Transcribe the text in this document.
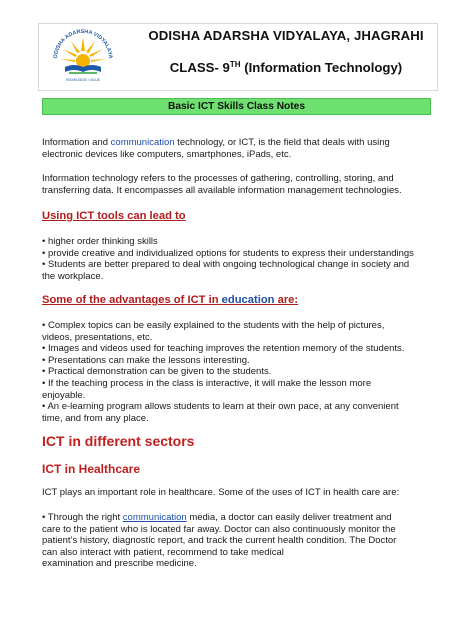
ODISHA ADARSHA VIDYALAYA
KNOWLEDGE • VALUE
ODISHA ADARSHA VIDYALAYA, JHAGRAHI
CLASS- 9TH (Information Technology)
Basic ICT Skills Class Notes
Information and communication technology, or ICT, is the field that deals with using
electronic devices like computers, smartphones, iPads, etc.
Information technology refers to the processes of gathering, controlling, storing, and
transferring data. It encompasses all available information management technologies.
Using ICT tools can lead to
• higher order thinking skills
• provide creative and individualized options for students to express their understandings
• Students are better prepared to deal with ongoing technological change in society and
the workplace.
Some of the advantages of ICT in education are:
• Complex topics can be easily explained to the students with the help of pictures,
videos, presentations, etc.
• Images and videos used for teaching improves the retention memory of the students.
• Presentations can make the lessons interesting.
• Practical demonstration can be given to the students.
• If the teaching process in the class is interactive, it will make the lesson more
enjoyable.
• An e-learning program allows students to learn at their own pace, at any convenient
time, and from any place.
ICT in different sectors
ICT in Healthcare
ICT plays an important role in healthcare. Some of the uses of ICT in health care are:
• Through the right communication media, a doctor can easily deliver treatment and
care to the patient who is located far away. Doctor can also continuously monitor the
patient’s history, diagnostic report, and track the current health condition. The Doctor
can also interact with patient, recommend to take medical
examination and prescribe medicine.
